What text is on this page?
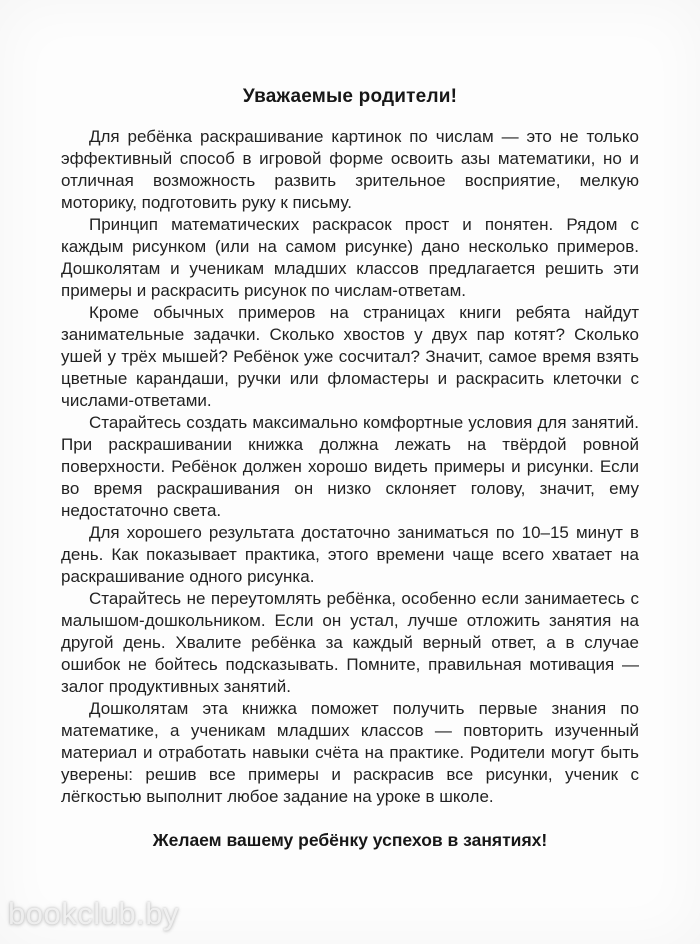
Уважаемые родители!

Для ребёнка раскрашивание картинок по числам — это не только эффективный способ в игровой форме освоить азы математики, но и отличная возможность развить зрительное восприятие, мелкую моторику, подготовить руку к письму.

Принцип математических раскрасок прост и понятен. Рядом с каждым рисунком (или на самом рисунке) дано несколько примеров. Дошколятам и ученикам младших классов предлагается решить эти примеры и раскрасить рисунок по числам-ответам.

Кроме обычных примеров на страницах книги ребята найдут занимательные задачки. Сколько хвостов у двух пар котят? Сколько ушей у трёх мышей? Ребёнок уже сосчитал? Значит, самое время взять цветные карандаши, ручки или фломастеры и раскрасить клеточки с числами-ответами.

Старайтесь создать максимально комфортные условия для занятий. При раскрашивании книжка должна лежать на твёрдой ровной поверхности. Ребёнок должен хорошо видеть примеры и рисунки. Если во время раскрашивания он низко склоняет голову, значит, ему недостаточно света.

Для хорошего результата достаточно заниматься по 10–15 минут в день. Как показывает практика, этого времени чаще всего хватает на раскрашивание одного рисунка.

Старайтесь не переутомлять ребёнка, особенно если занимаетесь с малышом-дошкольником. Если он устал, лучше отложить занятия на другой день. Хвалите ребёнка за каждый верный ответ, а в случае ошибок не бойтесь подсказывать. Помните, правильная мотивация — залог продуктивных занятий.

Дошколятам эта книжка поможет получить первые знания по математике, а ученикам младших классов — повторить изученный материал и отработать навыки счёта на практике. Родители могут быть уверены: решив все примеры и раскрасив все рисунки, ученик с лёгкостью выполнит любое задание на уроке в школе.

Желаем вашему ребёнку успехов в занятиях!

bookclub.by
